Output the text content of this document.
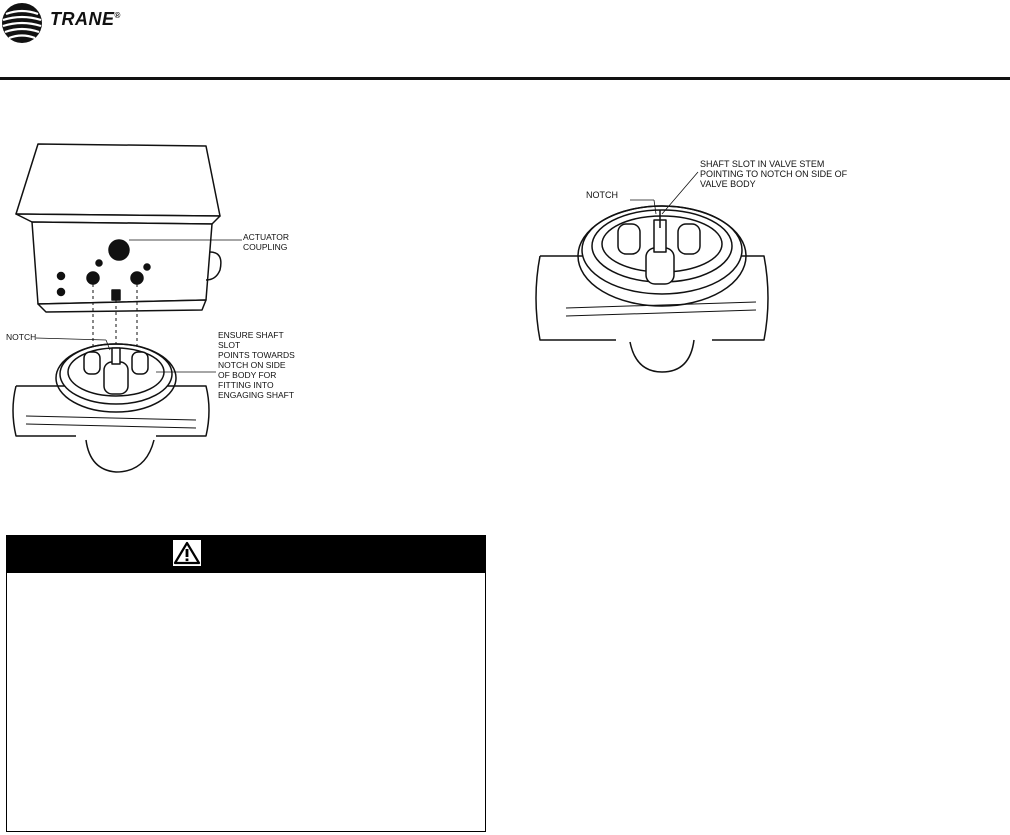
TRANE®
ACTUATOR
COUPLING
NOTCH	ENSURE SHAFT
SLOT
POINTS TOWARDS
NOTCH ON SIDE
OF BODY FOR
FITTING INTO
ENGAGING SHAFT
SHAFT SLOT IN VALVE STEM
POINTING TO NOTCH ON SIDE OF
VALVE BODY
NOTCH
